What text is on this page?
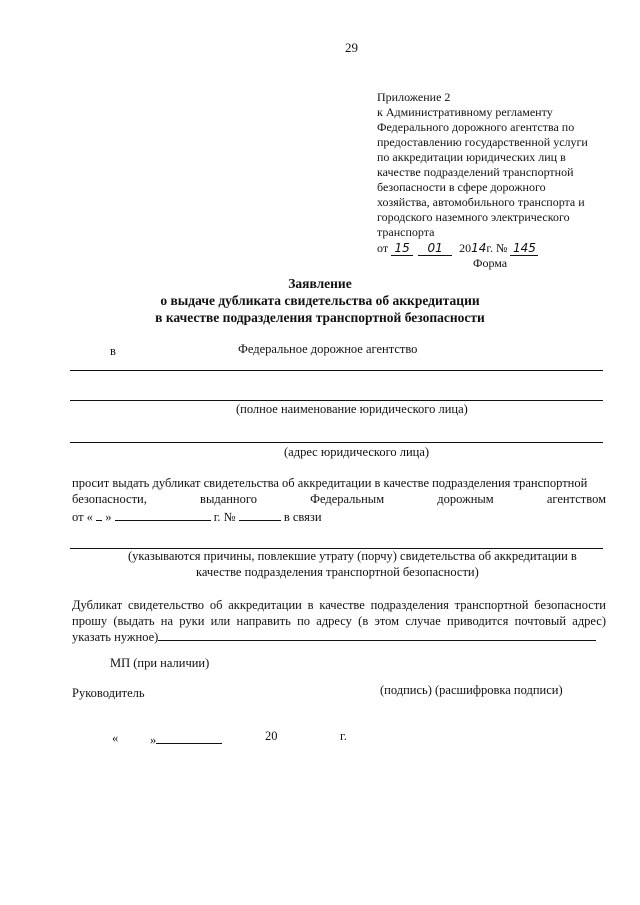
29
Приложение 2
к Административному регламенту
Федерального дорожного агентства по
предоставлению государственной услуги
по аккредитации юридических лиц в
качестве подразделений транспортной
безопасности в сфере дорожного
хозяйства, автомобильного транспорта и
городского наземного электрического
транспорта
от 15 01 2014г. № 145
Форма
Заявление
о выдаче дубликата свидетельства об аккредитации
в качестве подразделения транспортной безопасности
в	Федеральное дорожное агентство
(полное наименование юридического лица)
(адрес юридического лица)
просит выдать дубликат свидетельства об аккредитации в качестве подразделения транспортной
безопасности, выданного Федеральным дорожным агентством
от « »	г. №	в связи
(указываются причины, повлекшие утрату (порчу) свидетельства об аккредитации в
качестве подразделения транспортной безопасности)
Дубликат свидетельство об аккредитации в качестве подразделения транспортной безопасности
прошу (выдать на руки или направить по адресу (в этом случае приводится почтовый адрес)
указать нужное)
МП (при наличии)
Руководитель	(подпись) (расшифровка подписи)
«	»	20	г.
